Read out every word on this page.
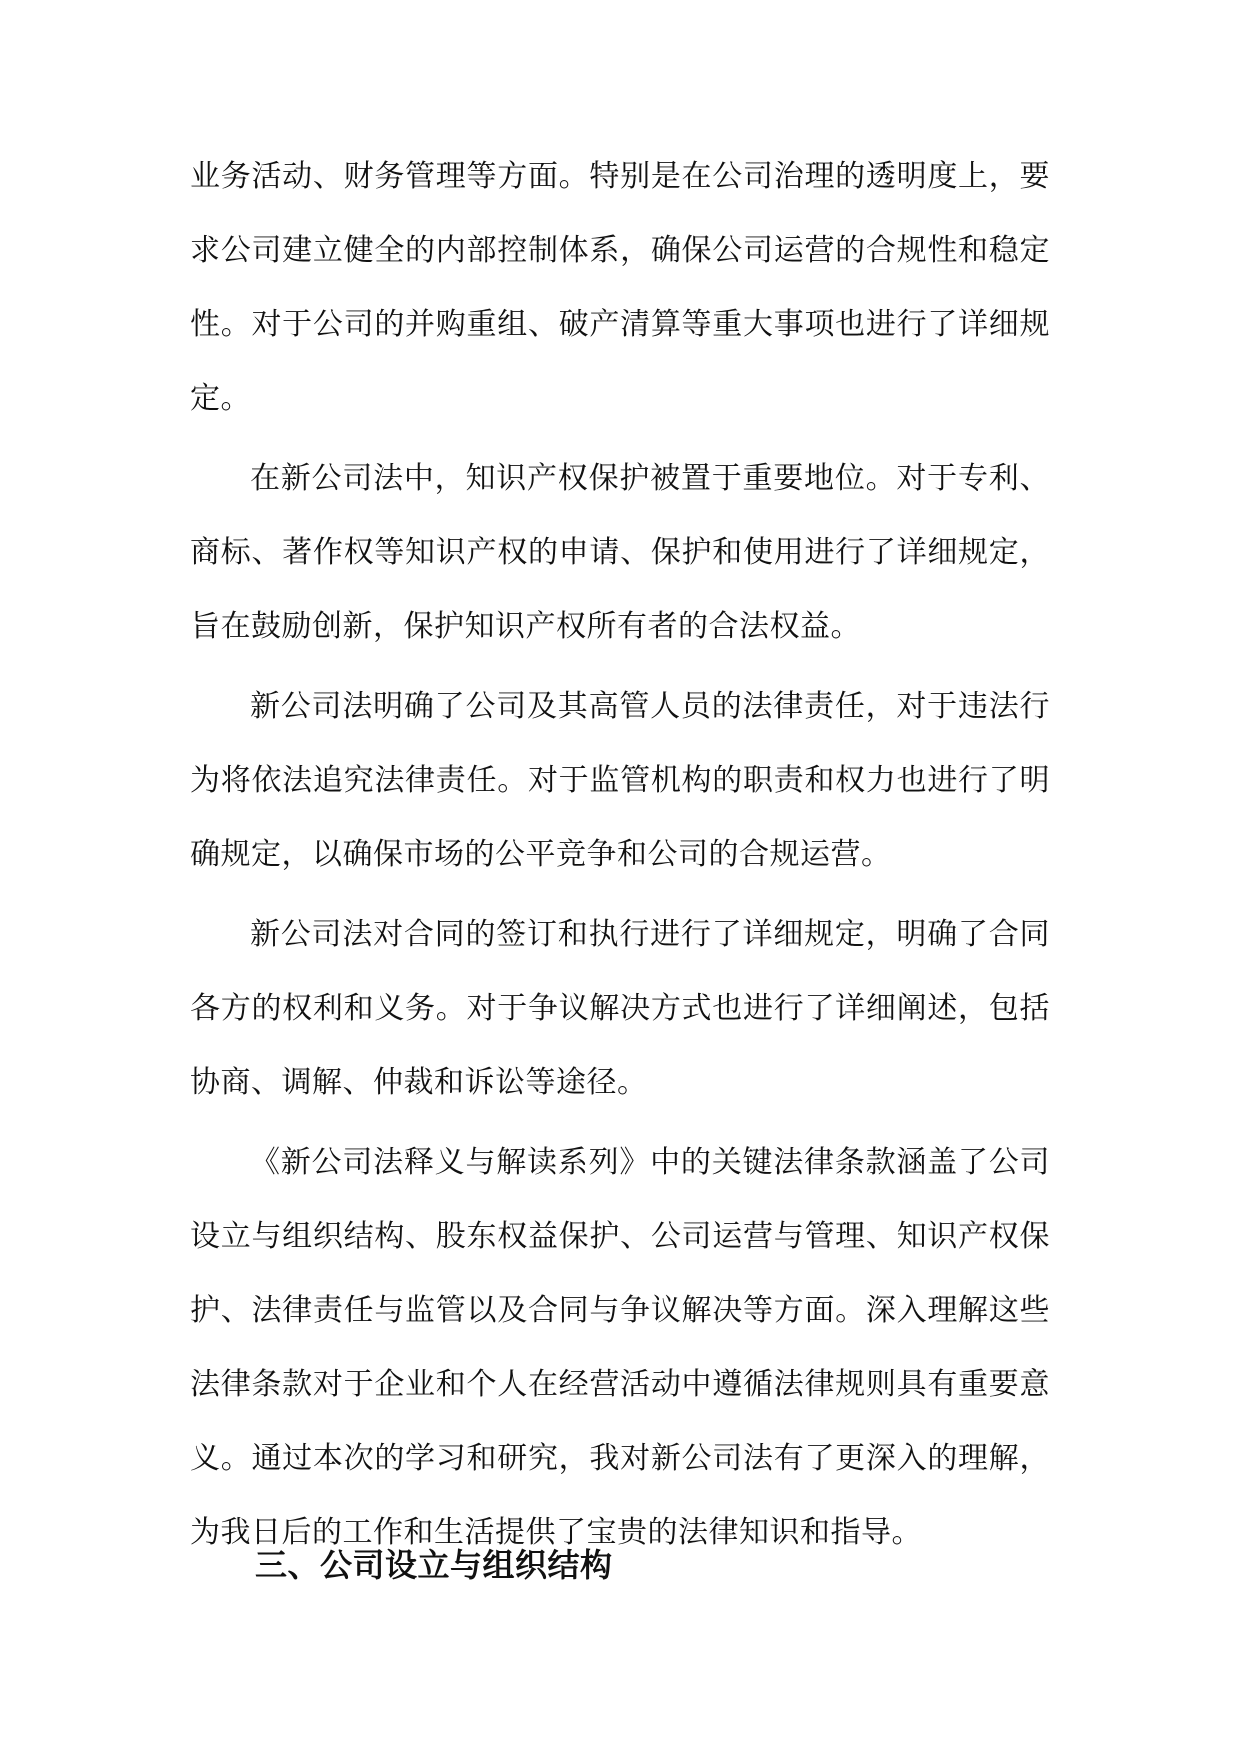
业务活动、财务管理等方面。特别是在公司治理的透明度上，要求公司建立健全的内部控制体系，确保公司运营的合规性和稳定性。对于公司的并购重组、破产清算等重大事项也进行了详细规定。

在新公司法中，知识产权保护被置于重要地位。对于专利、商标、著作权等知识产权的申请、保护和使用进行了详细规定，旨在鼓励创新，保护知识产权所有者的合法权益。

新公司法明确了公司及其高管人员的法律责任，对于违法行为将依法追究法律责任。对于监管机构的职责和权力也进行了明确规定，以确保市场的公平竞争和公司的合规运营。

新公司法对合同的签订和执行进行了详细规定，明确了合同各方的权利和义务。对于争议解决方式也进行了详细阐述，包括协商、调解、仲裁和诉讼等途径。

《新公司法释义与解读系列》中的关键法律条款涵盖了公司设立与组织结构、股东权益保护、公司运营与管理、知识产权保护、法律责任与监管以及合同与争议解决等方面。深入理解这些法律条款对于企业和个人在经营活动中遵循法律规则具有重要意义。通过本次的学习和研究，我对新公司法有了更深入的理解，为我日后的工作和生活提供了宝贵的法律知识和指导。

三、公司设立与组织结构
